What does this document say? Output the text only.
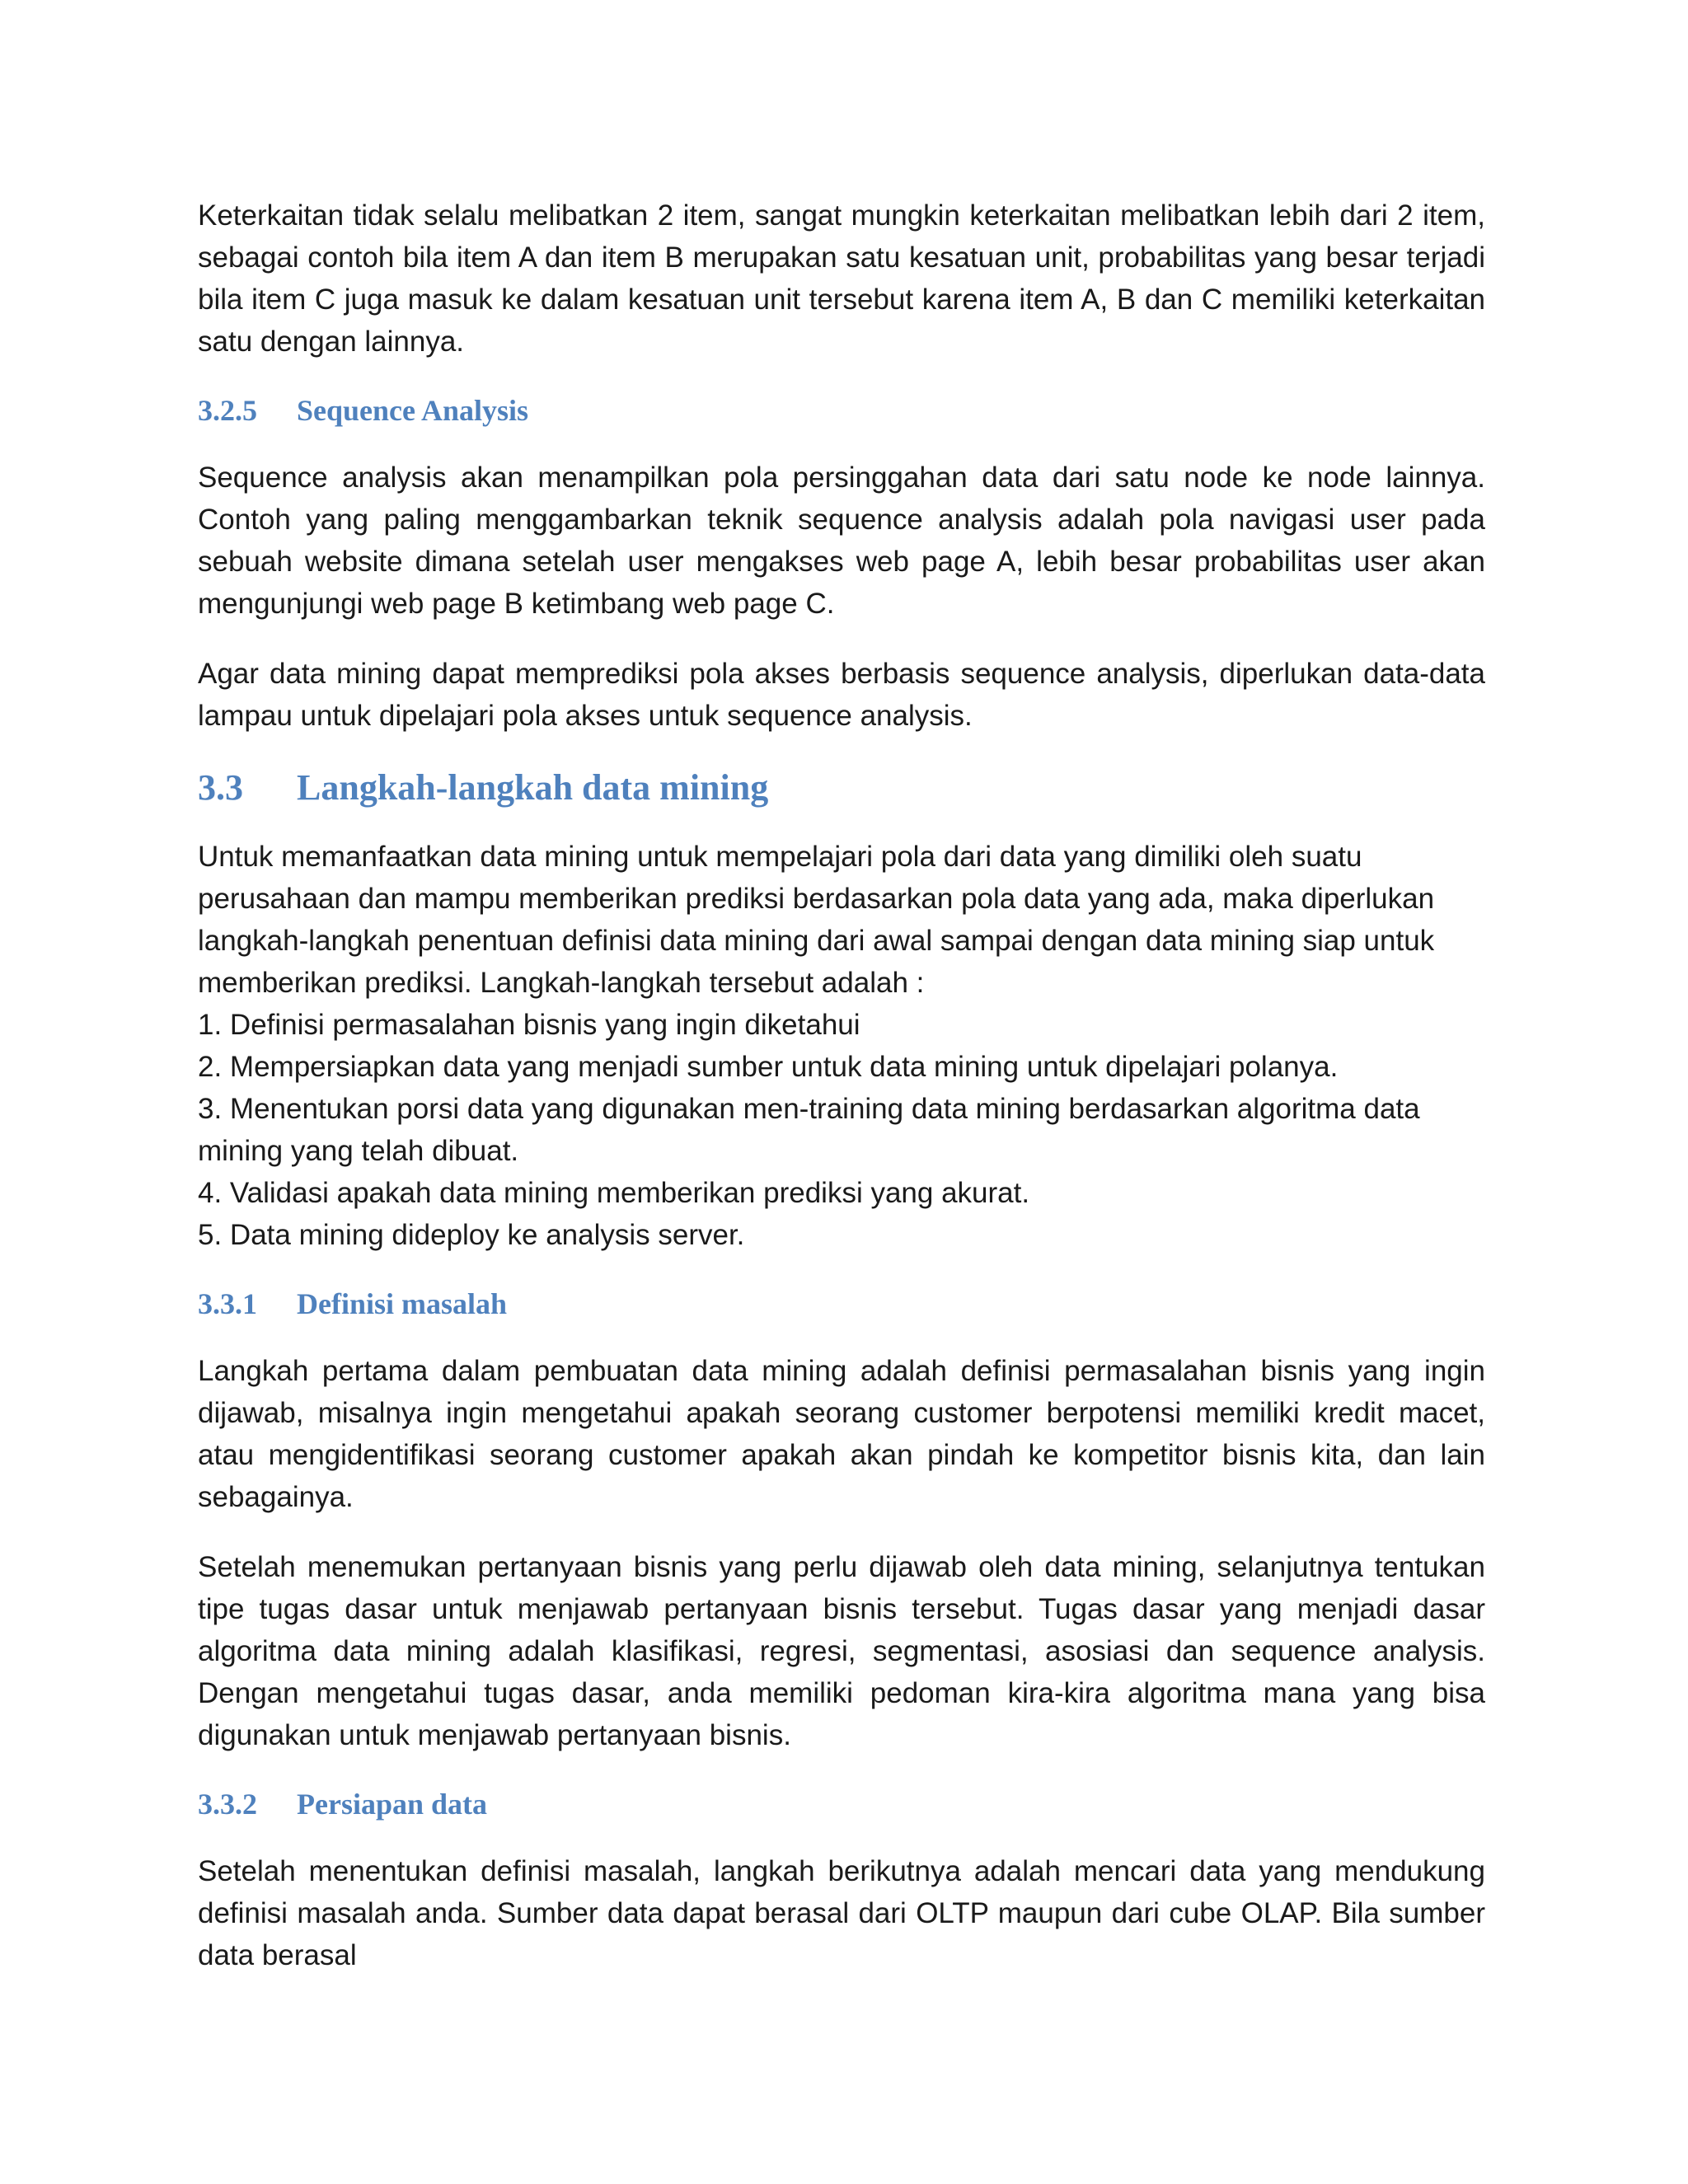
Keterkaitan tidak selalu melibatkan 2 item, sangat mungkin keterkaitan melibatkan lebih dari 2 item, sebagai contoh bila item A dan item B merupakan satu kesatuan unit, probabilitas yang besar terjadi bila item C juga masuk ke dalam kesatuan unit tersebut karena item A, B dan C memiliki keterkaitan satu dengan lainnya.

3.2.5 Sequence Analysis

Sequence analysis akan menampilkan pola persinggahan data dari satu node ke node lainnya. Contoh yang paling menggambarkan teknik sequence analysis adalah pola navigasi user pada sebuah website dimana setelah user mengakses web page A, lebih besar probabilitas user akan mengunjungi web page B ketimbang web page C.

Agar data mining dapat memprediksi pola akses berbasis sequence analysis, diperlukan data-data lampau untuk dipelajari pola akses untuk sequence analysis.

3.3 Langkah-langkah data mining

Untuk memanfaatkan data mining untuk mempelajari pola dari data yang dimiliki oleh suatu perusahaan dan mampu memberikan prediksi berdasarkan pola data yang ada, maka diperlukan langkah-langkah penentuan definisi data mining dari awal sampai dengan data mining siap untuk memberikan prediksi. Langkah-langkah tersebut adalah :

1. Definisi permasalahan bisnis yang ingin diketahui
2. Mempersiapkan data yang menjadi sumber untuk data mining untuk dipelajari polanya.
3. Menentukan porsi data yang digunakan men-training data mining berdasarkan algoritma data mining yang telah dibuat.
4. Validasi apakah data mining memberikan prediksi yang akurat.
5. Data mining dideploy ke analysis server.
3.3.1 Definisi masalah

Langkah pertama dalam pembuatan data mining adalah definisi permasalahan bisnis yang ingin dijawab, misalnya ingin mengetahui apakah seorang customer berpotensi memiliki kredit macet, atau mengidentifikasi seorang customer apakah akan pindah ke kompetitor bisnis kita, dan lain sebagainya.

Setelah menemukan pertanyaan bisnis yang perlu dijawab oleh data mining, selanjutnya tentukan tipe tugas dasar untuk menjawab pertanyaan bisnis tersebut. Tugas dasar yang menjadi dasar algoritma data mining adalah klasifikasi, regresi, segmentasi, asosiasi dan sequence analysis. Dengan mengetahui tugas dasar, anda memiliki pedoman kira-kira algoritma mana yang bisa digunakan untuk menjawab pertanyaan bisnis.

3.3.2 Persiapan data

Setelah menentukan definisi masalah, langkah berikutnya adalah mencari data yang mendukung definisi masalah anda. Sumber data dapat berasal dari OLTP maupun dari cube OLAP. Bila sumber data berasal
